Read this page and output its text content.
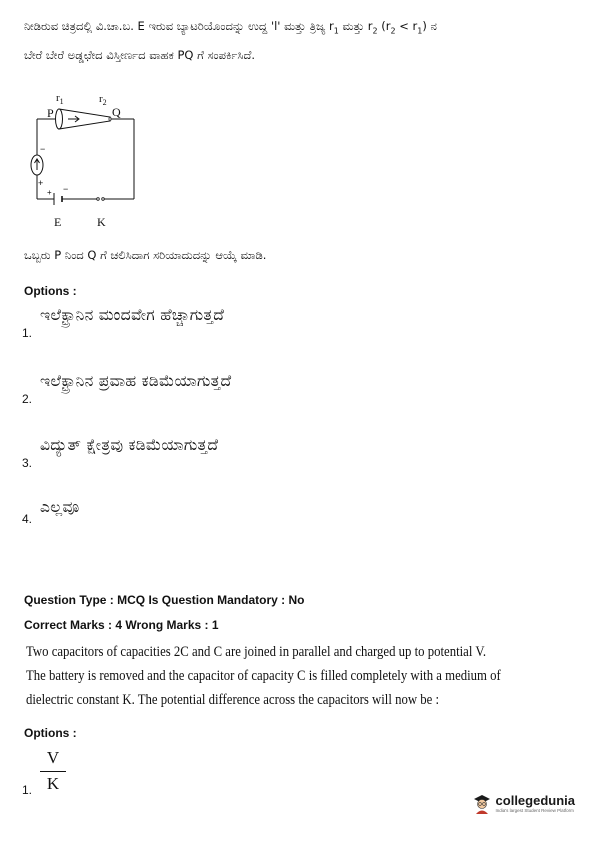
ನೀಡಿರುವ ಚಿತ್ರದಲ್ಲಿ ವಿ.ಚಾ.ಬ. E ಇರುವ ಬ್ಯಾಟರಿಯೊಂದನ್ನು ಉದ್ದ 'l' ಮತ್ತು ತ್ರಿಜ್ಯ $r_1$ ಮತ್ತು $r_2$ $(r_2 < r_1)$ ನ
ಬೇರೆ ಬೇರೆ ಅಡ್ಡಛೇದ ವಿಸ್ತೀರ್ಣದ ವಾಹಕ PQ ಗೆ ಸಂಪರ್ಕಿಸಿದೆ.
$r_1$	$r_2$
P	Q
−
+
+ −
E	K
ಒಬ್ಬರು P ನಿಂದ Q ಗೆ ಚಲಿಸಿದಾಗ ಸರಿಯಾದುದನ್ನು ಆಯ್ಕೆ ಮಾಡಿ.
Options :
1.
ಇಲೆಕ್ಟ್ರಾನಿನ ಮಂದವೇಗ ಹೆಚ್ಚಾಗುತ್ತದೆ
2.
ಇಲೆಕ್ಟ್ರಾನಿನ ಪ್ರವಾಹ ಕಡಿಮೆಯಾಗುತ್ತದೆ
3.
ವಿದ್ಯುತ್ ಕ್ಷೇತ್ರವು ಕಡಿಮೆಯಾಗುತ್ತದೆ
4.
ಎಲ್ಲವೂ
Question Type : MCQ Is Question Mandatory : No
Correct Marks : 4 Wrong Marks : 1
Two capacitors of capacities 2C and C are joined in parallel and charged up to potential V.
The battery is removed and the capacitor of capacity C is filled completely with a medium of
dielectric constant K. The potential difference across the capacitors will now be :
Options :
1.
V
K
collegedunia
India's largest Student Review Platform
